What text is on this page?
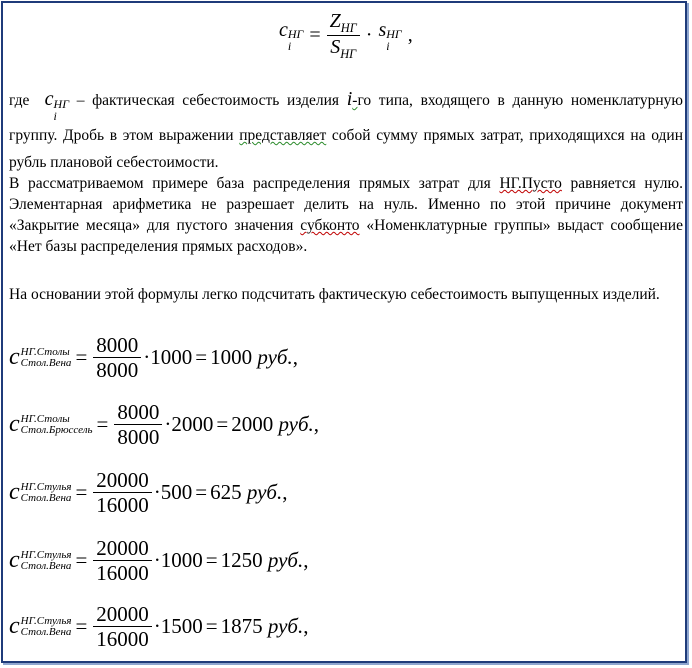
c НГ
$i = \frac{Z_{НГ}}{S_{НГ}} \cdot s$ НГ
i ,
где c НГ
i
– фактическая себестоимость изделия i-го типа, входящего в данную номенклатурную группу. Дробь в этом выражении представляет собой сумму прямых затрат, приходящихся на один рубль плановой себестоимости.
В рассматриваемом примере база распределения прямых затрат для НГ.Пусто равняется нулю. Элементарная арифметика не разрешает делить на нуль. Именно по этой причине документ «Закрытие месяца» для пустого значения субконто «Номенклатурные группы» выдаст сообщение «Нет базы распределения прямых расходов».
На основании этой формулы легко подсчитать фактическую себестоимость выпущенных изделий.
c НГ.Столы
Стол.Вена = $\frac{8000}{8000} \cdot 1000 = 1000$
руб. ,
c НГ.Столы
Стол.Брюссель = $\frac{8000}{8000} \cdot 2000 = 2000$
руб. ,
c НГ.Стулья
Стол.Вена = $\frac{20000}{16000} \cdot 500 = 625$
руб. ,
c НГ.Стулья
Стол.Вена = $\frac{20000}{16000} \cdot 1000 = 1250$
руб. ,
c НГ.Стулья
Стол.Вена = $\frac{20000}{16000} \cdot 1500 = 1875$
руб. ,
